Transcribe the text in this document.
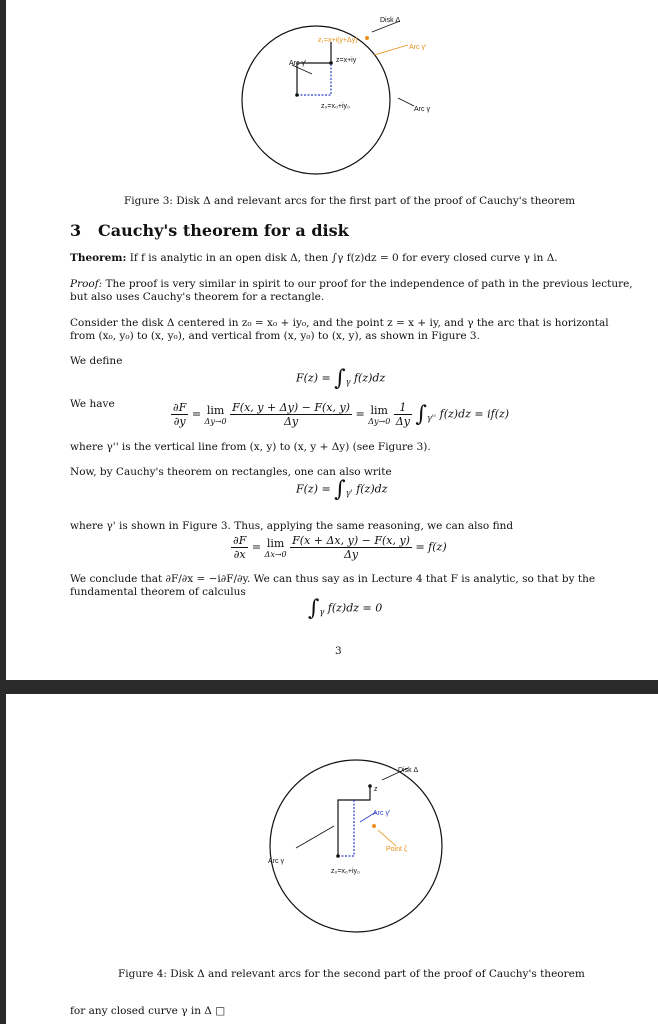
Disk Δ
z₁=x+i(y+Δy)
Arc γ'
z=x+iy
Arc γ'
z₀=x₀+iy₀	Arc γ
Figure 3: Disk Δ and relevant arcs for the first part of the proof of Cauchy's theorem
3 Cauchy's theorem for a disk
Theorem: If f is analytic in an open disk Δ, then ∫γ f(z)dz = 0 for every closed curve γ in Δ.
Proof: The proof is very similar in spirit to our proof for the independence of path in the previous lecture,
but also uses Cauchy's theorem for a rectangle.
Consider the disk Δ centered in z₀ = x₀ + iy₀, and the point z = x + iy, and γ the arc that is horizontal
from (x₀, y₀) to (x, y₀), and vertical from (x, y₀) to (x, y), as shown in Figure 3.
We define
$F(z) = \int_\gamma$ f(z)dz
We have	$\frac{\partial F}{\partial y} = \lim$
Δy→0
$\frac{F(x, y + \Delta y) - F(x, y)}{\Delta y} = \lim$
Δy→0
$\frac{1}{\Delta y} \int_{\gamma''}$ f(z)dz = if(z)
where γ'' is the vertical line from (x, y) to (x, y + Δy) (see Figure 3).
Now, by Cauchy's theorem on rectangles, one can also write
$F(z) = \int_{\gamma'}$ f(z)dz
where γ' is shown in Figure 3. Thus, applying the same reasoning, we can also find
$\frac{\partial F}{\partial x} = \lim$
Δx→0
$\frac{F(x + \Delta x, y) - F(x, y)}{\Delta y} = f(z)$
We conclude that ∂F/∂x = −i∂F/∂y. We can thus say as in Lecture 4 that F is analytic, so that by the
fundamental theorem of calculus
$\int_\gamma$ f(z)dz = 0
3
Disk Δ
z
Arc γ'
Point ζ
Arc γ
z₀=x₀+iy₀
Figure 4: Disk Δ and relevant arcs for the second part of the proof of Cauchy's theorem
for any closed curve γ in Δ □
